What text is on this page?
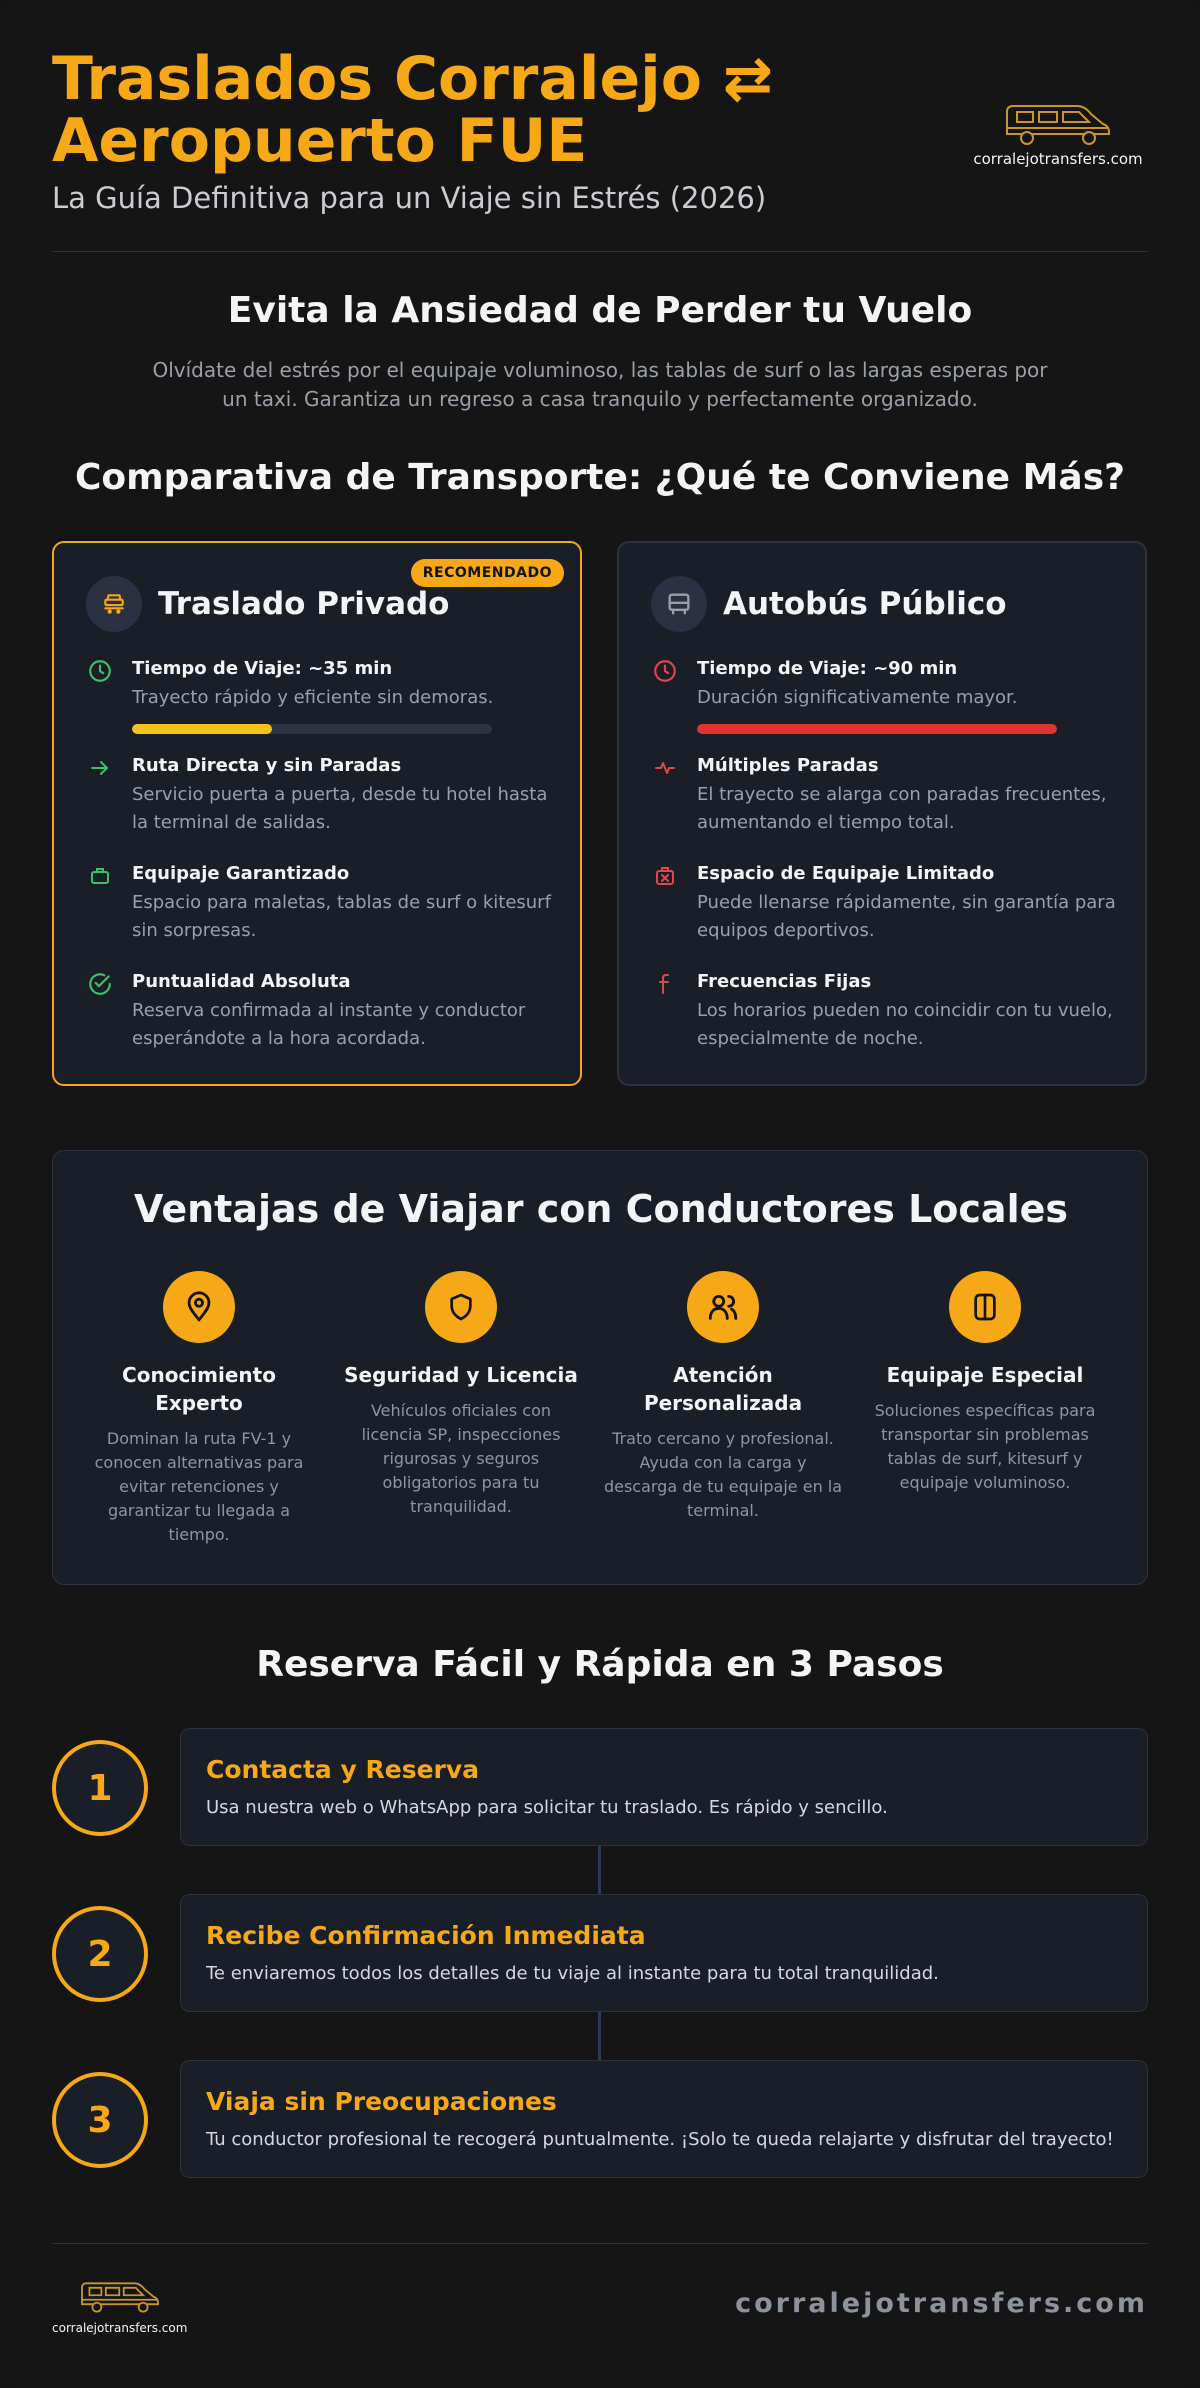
Traslados Corralejo ⇄ Aeropuerto FUE
La Guía Definitiva para un Viaje sin Estrés (2026)
corralejotransfers.com
Evita la Ansiedad de Perder tu Vuelo
Olvídate del estrés por el equipaje voluminoso, las tablas de surf o las largas esperas por un taxi. Garantiza un regreso a casa tranquilo y perfectamente organizado.
Comparativa de Transporte: ¿Qué te Conviene Más?
RECOMENDADO
Traslado Privado
Tiempo de Viaje: ~35 min
Trayecto rápido y eficiente sin demoras.
Ruta Directa y sin Paradas
Servicio puerta a puerta, desde tu hotel hasta la terminal de salidas.
Equipaje Garantizado
Espacio para maletas, tablas de surf o kitesurf sin sorpresas.
Puntualidad Absoluta
Reserva confirmada al instante y conductor esperándote a la hora acordada.
Autobús Público
Tiempo de Viaje: ~90 min
Duración significativamente mayor.
Múltiples Paradas
El trayecto se alarga con paradas frecuentes, aumentando el tiempo total.
Espacio de Equipaje Limitado
Puede llenarse rápidamente, sin garantía para equipos deportivos.
Frecuencias Fijas
Los horarios pueden no coincidir con tu vuelo, especialmente de noche.
Ventajas de Viajar con Conductores Locales
Conocimiento Experto
Dominan la ruta FV-1 y conocen alternativas para evitar retenciones y garantizar tu llegada a tiempo.
Seguridad y Licencia
Vehículos oficiales con licencia SP, inspecciones rigurosas y seguros obligatorios para tu tranquilidad.
Atención Personalizada
Trato cercano y profesional. Ayuda con la carga y descarga de tu equipaje en la terminal.
Equipaje Especial
Soluciones específicas para transportar sin problemas tablas de surf, kitesurf y equipaje voluminoso.
Reserva Fácil y Rápida en 3 Pasos
1	Contacta y Reserva
Usa nuestra web o WhatsApp para solicitar tu traslado. Es rápido y sencillo.
2	Recibe Confirmación Inmediata
Te enviaremos todos los detalles de tu viaje al instante para tu total tranquilidad.
3	Viaja sin Preocupaciones
Tu conductor profesional te recogerá puntualmente. ¡Solo te queda relajarte y disfrutar del trayecto!
corralejotransfers.com
corralejotransfers.com
